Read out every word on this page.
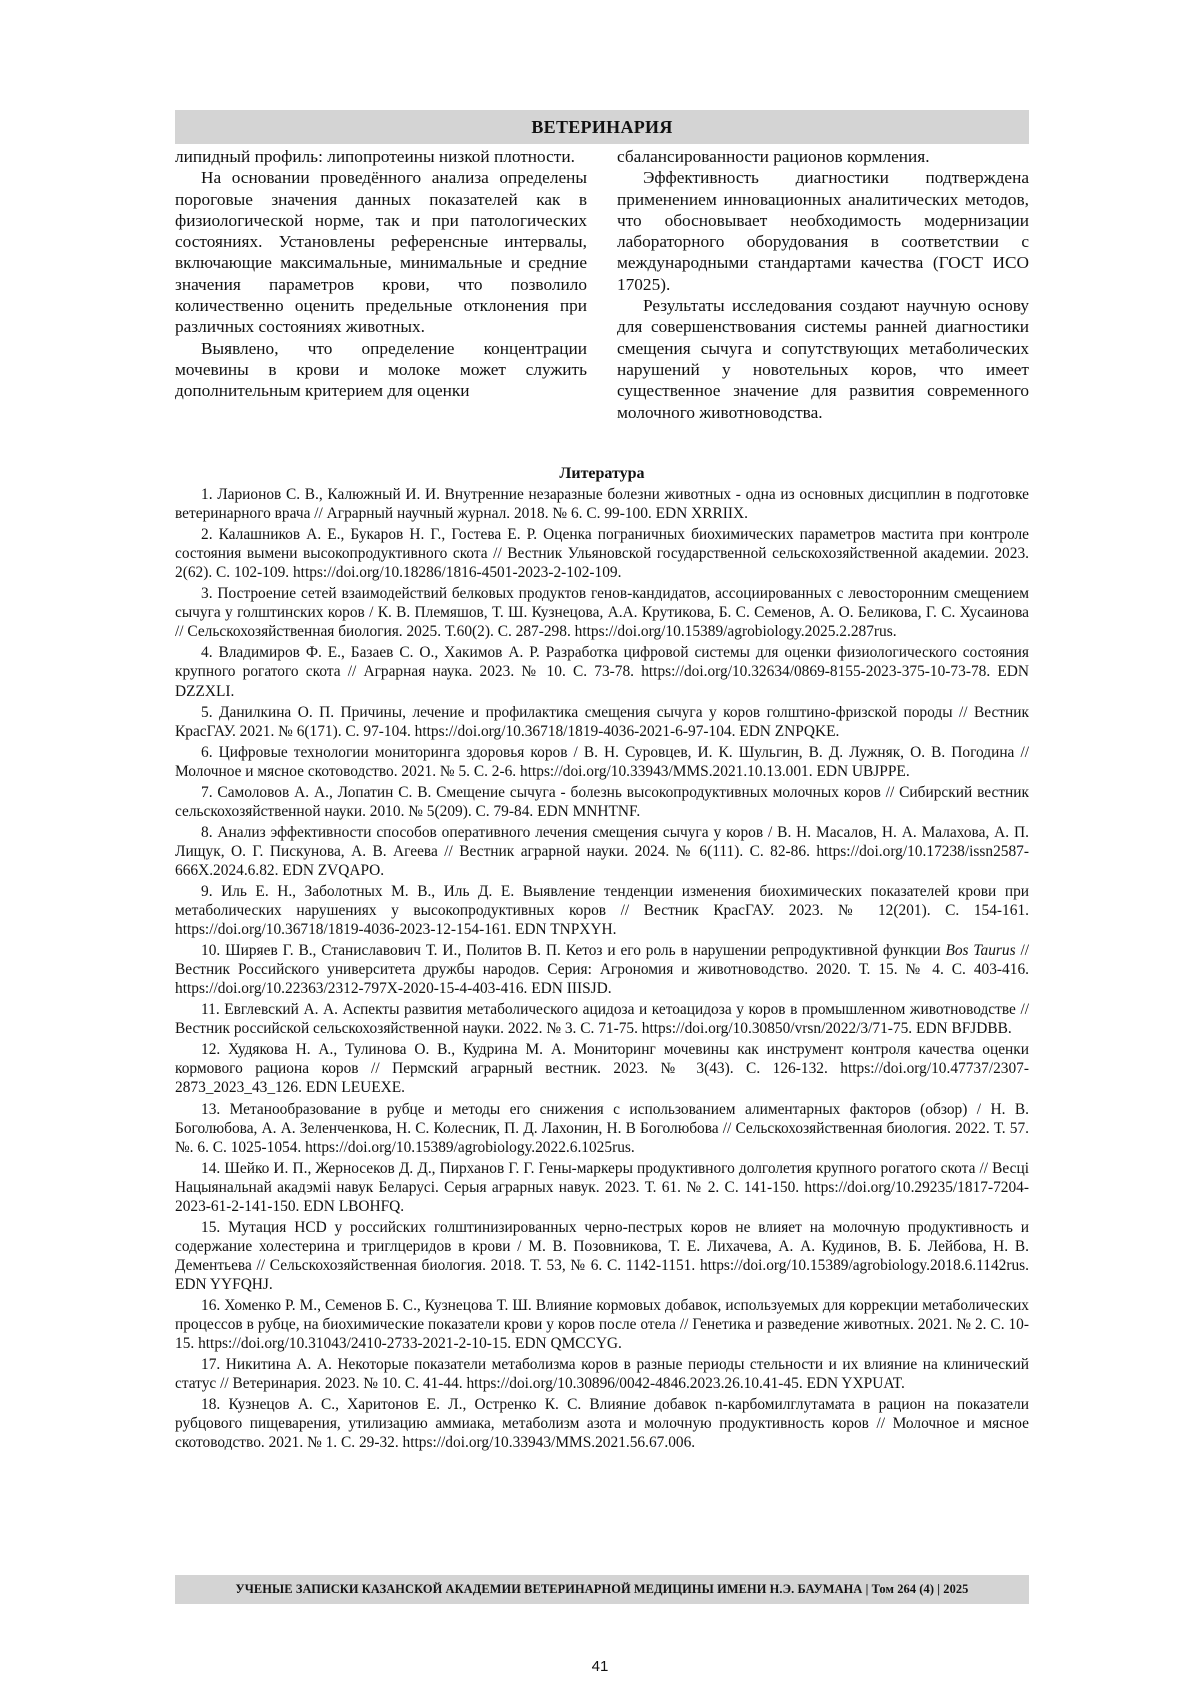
ВЕТЕРИНАРИЯ

липидный профиль: липопротеины низкой плотности.

На основании проведённого анализа определены пороговые значения данных показателей как в физиологической норме, так и при патологических состояниях. Установлены референсные интервалы, включающие максимальные, минимальные и средние значения параметров крови, что позволило количественно оценить предельные отклонения при различных состояниях животных.

Выявлено, что определение концентрации мочевины в крови и молоке может служить дополнительным критерием для оценки

сбалансированности рационов кормления.

Эффективность диагностики подтверждена применением инновационных аналитических методов, что обосновывает необходимость модернизации лабораторного оборудования в соответствии с международными стандартами качества (ГОСТ ИСО 17025).

Результаты исследования создают научную основу для совершенствования системы ранней диагностики смещения сычуга и сопутствующих метаболических нарушений у новотельных коров, что имеет существенное значение для развития современного молочного животноводства.

Литература
1. Ларионов С. В., Калюжный И. И. Внутренние незаразные болезни животных - одна из основных дисциплин в подготовке ветеринарного врача // Аграрный научный журнал. 2018. № 6. С. 99-100. EDN XRRIIX.
2. Калашников А. Е., Букаров Н. Г., Гостева Е. Р. Оценка пограничных биохимических параметров мастита при контроле состояния вымени высокопродуктивного скота // Вестник Ульяновской государственной сельскохозяйственной академии. 2023. 2(62). С. 102-109. https://doi.org/10.18286/1816-4501-2023-2-102-109.
3. Построение сетей взаимодействий белковых продуктов генов-кандидатов, ассоциированных с левосторонним смещением сычуга у голштинских коров / К. В. Племяшов, Т. Ш. Кузнецова, А.А. Крутикова, Б. С. Семенов, А. О. Беликова, Г. С. Хусаинова // Сельскохозяйственная биология. 2025. Т.60(2). С. 287-298. https://doi.org/10.15389/agrobiology.2025.2.287rus.
4. Владимиров Ф. Е., Базаев С. О., Хакимов А. Р. Разработка цифровой системы для оценки физиологического состояния крупного рогатого скота // Аграрная наука. 2023. № 10. С. 73-78. https://doi.org/10.32634/0869-8155-2023-375-10-73-78. EDN DZZXLI.
5. Данилкина О. П. Причины, лечение и профилактика смещения сычуга у коров голштино-фризской породы // Вестник КрасГАУ. 2021. № 6(171). С. 97-104. https://doi.org/10.36718/1819-4036-2021-6-97-104. EDN ZNPQKE.
6. Цифровые технологии мониторинга здоровья коров / В. Н. Суровцев, И. К. Шульгин, В. Д. Лужняк, О. В. Погодина // Молочное и мясное скотоводство. 2021. № 5. С. 2-6. https://doi.org/10.33943/MMS.2021.10.13.001. EDN UBJPPE.
7. Самоловов А. А., Лопатин С. В. Смещение сычуга - болезнь высокопродуктивных молочных коров // Сибирский вестник сельскохозяйственной науки. 2010. № 5(209). С. 79-84. EDN MNHTNF.
8. Анализ эффективности способов оперативного лечения смещения сычуга у коров / В. Н. Масалов, Н. А. Малахова, А. П. Лищук, О. Г. Пискунова, А. В. Агеева // Вестник аграрной науки. 2024. № 6(111). С. 82-86. https://doi.org/10.17238/issn2587-666X.2024.6.82. EDN ZVQAPO.
9. Иль Е. Н., Заболотных М. В., Иль Д. Е. Выявление тенденции изменения биохимических показателей крови при метаболических нарушениях у высокопродуктивных коров // Вестник КрасГАУ. 2023. № 12(201). С. 154-161. https://doi.org/10.36718/1819-4036-2023-12-154-161. EDN TNPXYH.
10. Ширяев Г. В., Станиславович Т. И., Политов В. П. Кетоз и его роль в нарушении репродуктивной функции Bos Taurus // Вестник Российского университета дружбы народов. Серия: Агрономия и животноводство. 2020. Т. 15. № 4. С. 403-416. https://doi.org/10.22363/2312-797X-2020-15-4-403-416. EDN IIISJD.
11. Евглевский А. А. Аспекты развития метаболического ацидоза и кетоацидоза у коров в промышленном животноводстве // Вестник российской сельскохозяйственной науки. 2022. № 3. С. 71-75. https://doi.org/10.30850/vrsn/2022/3/71-75. EDN BFJDBB.
12. Худякова Н. А., Тулинова О. В., Кудрина М. А. Мониторинг мочевины как инструмент контроля качества оценки кормового рациона коров // Пермский аграрный вестник. 2023. № 3(43). С. 126-132. https://doi.org/10.47737/2307-2873_2023_43_126. EDN LEUEXE.
13. Метанообразование в рубце и методы его снижения с использованием алиментарных факторов (обзор) / Н. В. Боголюбова, А. А. Зеленченкова, Н. С. Колесник, П. Д. Лахонин, Н. В Боголюбова // Сельскохозяйственная биология. 2022. Т. 57. №. 6. С. 1025-1054. https://doi.org/10.15389/agrobiology.2022.6.1025rus.
14. Шейко И. П., Жерносеков Д. Д., Пирханов Г. Г. Гены-маркеры продуктивного долголетия крупного рогатого скота // Весці Нацыянальнай акадэміі навук Беларусі. Серыя аграрных навук. 2023. Т. 61. № 2. С. 141-150. https://doi.org/10.29235/1817-7204-2023-61-2-141-150. EDN LBOHFQ.
15. Мутация HCD у российских голштинизированных черно-пестрых коров не влияет на молочную продуктивность и содержание холестерина и триглцеридов в крови / М. В. Позовникова, Т. Е. Лихачева, А. А. Кудинов, В. Б. Лейбова, Н. В. Дементьева // Сельскохозяйственная биология. 2018. Т. 53, № 6. С. 1142-1151. https://doi.org/10.15389/agrobiology.2018.6.1142rus. EDN YYFQHJ.
16. Хоменко Р. М., Семенов Б. С., Кузнецова Т. Ш. Влияние кормовых добавок, используемых для коррекции метаболических процессов в рубце, на биохимические показатели крови у коров после отела // Генетика и разведение животных. 2021. № 2. С. 10-15. https://doi.org/10.31043/2410-2733-2021-2-10-15. EDN QMCCYG.
17. Никитина А. А. Некоторые показатели метаболизма коров в разные периоды стельности и их влияние на клинический статус // Ветеринария. 2023. № 10. С. 41-44. https://doi.org/10.30896/0042-4846.2023.26.10.41-45. EDN YXPUAT.
18. Кузнецов А. С., Харитонов Е. Л., Остренко К. С. Влияние добавок n-карбомилглутамата в рацион на показатели рубцового пищеварения, утилизацию аммиака, метаболизм азота и молочную продуктивность коров // Молочное и мясное скотоводство. 2021. № 1. С. 29-32. https://doi.org/10.33943/MMS.2021.56.67.006.
УЧЕНЫЕ ЗАПИСКИ КАЗАНСКОЙ АКАДЕМИИ ВЕТЕРИНАРНОЙ МЕДИЦИНЫ ИМЕНИ Н.Э. БАУМАНА | Том 264 (4) | 2025
41
